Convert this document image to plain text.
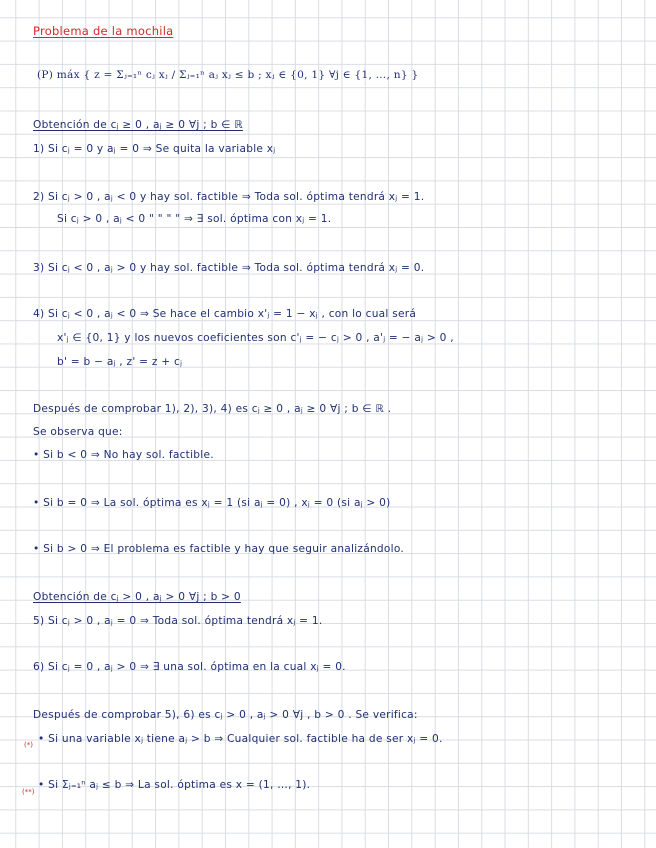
Problema de la mochila
(P) máx { z = Σⱼ₌₁ⁿ cⱼ xⱼ / Σⱼ₌₁ⁿ aⱼ xⱼ ≤ b ; xⱼ ∈ {0, 1} ∀j ∈ {1, …, n} }
Obtención de cⱼ ≥ 0 , aⱼ ≥ 0 ∀j ; b ∈ ℝ
1) Si cⱼ = 0 y aⱼ = 0 ⇒ Se quita la variable xⱼ
2) Si cⱼ > 0 , aⱼ < 0 y hay sol. factible ⇒ Toda sol. óptima tendrá xⱼ = 1.
Si cⱼ > 0 , aⱼ < 0 " " " " ⇒ ∃ sol. óptima con xⱼ = 1.
3) Si cⱼ < 0 , aⱼ > 0 y hay sol. factible ⇒ Toda sol. óptima tendrá xⱼ = 0.
4) Si cⱼ < 0 , aⱼ < 0 ⇒ Se hace el cambio x'ⱼ = 1 − xⱼ , con lo cual será
x'ⱼ ∈ {0, 1} y los nuevos coeficientes son c'ⱼ = − cⱼ > 0 , a'ⱼ = − aⱼ > 0 ,
b' = b − aⱼ , z' = z + cⱼ
Después de comprobar 1), 2), 3), 4) es cⱼ ≥ 0 , aⱼ ≥ 0 ∀j ; b ∈ ℝ .
Se observa que:
• Si b < 0 ⇒ No hay sol. factible.
• Si b = 0 ⇒ La sol. óptima es xⱼ = 1 (si aⱼ = 0) , xⱼ = 0 (si aⱼ > 0)
• Si b > 0 ⇒ El problema es factible y hay que seguir analizándolo.
Obtención de cⱼ > 0 , aⱼ > 0 ∀j ; b > 0
5) Si cⱼ > 0 , aⱼ = 0 ⇒ Toda sol. óptima tendrá xⱼ = 1.
6) Si cⱼ = 0 , aⱼ > 0 ⇒ ∃ una sol. óptima en la cual xⱼ = 0.
Después de comprobar 5), 6) es cⱼ > 0 , aⱼ > 0 ∀j , b > 0 . Se verifica:
(*) • Si una variable xⱼ tiene aⱼ > b ⇒ Cualquier sol. factible ha de ser xⱼ = 0.
(**)
• Si Σⱼ₌₁ⁿ aⱼ ≤ b ⇒ La sol. óptima es x = (1, …, 1).
